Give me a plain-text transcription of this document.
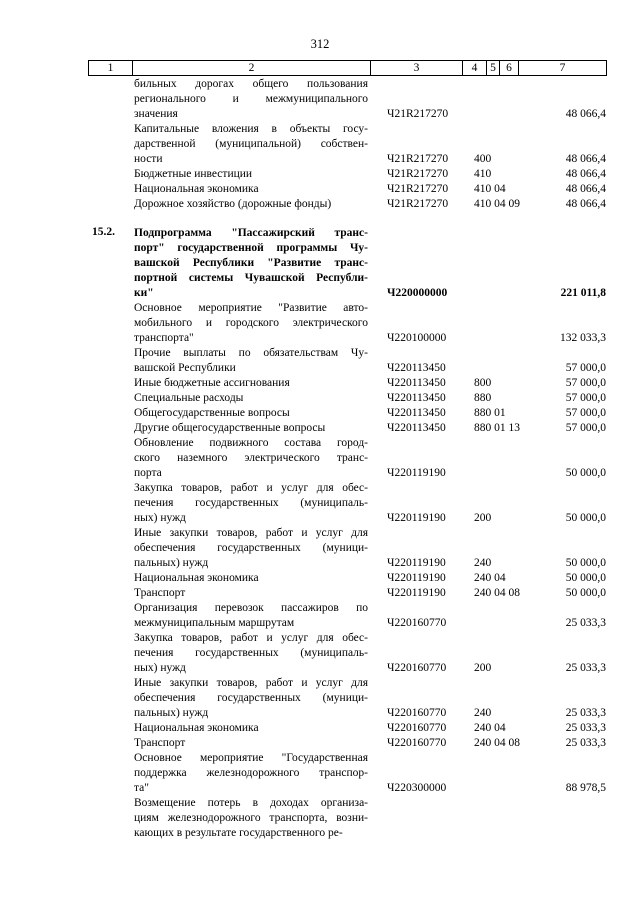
312
1	2	3	4	5	6	7
бильных дорогах общего пользования
регионального и межмуниципального
значения	Ч21R217270	48 066,4
Капитальные вложения в объекты госу-
дарственной (муниципальной) собствен-
ности	Ч21R217270 400	48 066,4
Бюджетные инвестиции	Ч21R217270 410	48 066,4
Национальная экономика	Ч21R217270 410 04	48 066,4
Дорожное хозяйство (дорожные фонды)	Ч21R217270 410 04 09	48 066,4
15.2. Подпрограмма "Пассажирский транс-
порт" государственной программы Чу-
вашской Республики "Развитие транс-
портной системы Чувашской Республи-
ки"	Ч220000000	221 011,8
Основное мероприятие "Развитие авто-
мобильного и городского электрического
транспорта"	Ч220100000	132 033,3
Прочие выплаты по обязательствам Чу-
вашской Республики	Ч220113450	57 000,0
Иные бюджетные ассигнования	Ч220113450 800	57 000,0
Специальные расходы	Ч220113450 880	57 000,0
Общегосударственные вопросы	Ч220113450 880 01	57 000,0
Другие общегосударственные вопросы	Ч220113450 880 01 13	57 000,0
Обновление подвижного состава город-
ского наземного электрического транс-
порта	Ч220119190	50 000,0
Закупка товаров, работ и услуг для обес-
печения государственных (муниципаль-
ных) нужд	Ч220119190 200	50 000,0
Иные закупки товаров, работ и услуг для
обеспечения государственных (муници-
пальных) нужд	Ч220119190 240	50 000,0
Национальная экономика	Ч220119190 240 04	50 000,0
Транспорт	Ч220119190 240 04 08	50 000,0
Организация перевозок пассажиров по
межмуниципальным маршрутам	Ч220160770	25 033,3
Закупка товаров, работ и услуг для обес-
печения государственных (муниципаль-
ных) нужд	Ч220160770 200	25 033,3
Иные закупки товаров, работ и услуг для
обеспечения государственных (муници-
пальных) нужд	Ч220160770 240	25 033,3
Национальная экономика	Ч220160770 240 04	25 033,3
Транспорт	Ч220160770 240 04 08	25 033,3
Основное мероприятие "Государственная
поддержка железнодорожного транспор-
та"	Ч220300000	88 978,5
Возмещение потерь в доходах организа-
циям железнодорожного транспорта, возни-
кающих в результате государственного ре-
